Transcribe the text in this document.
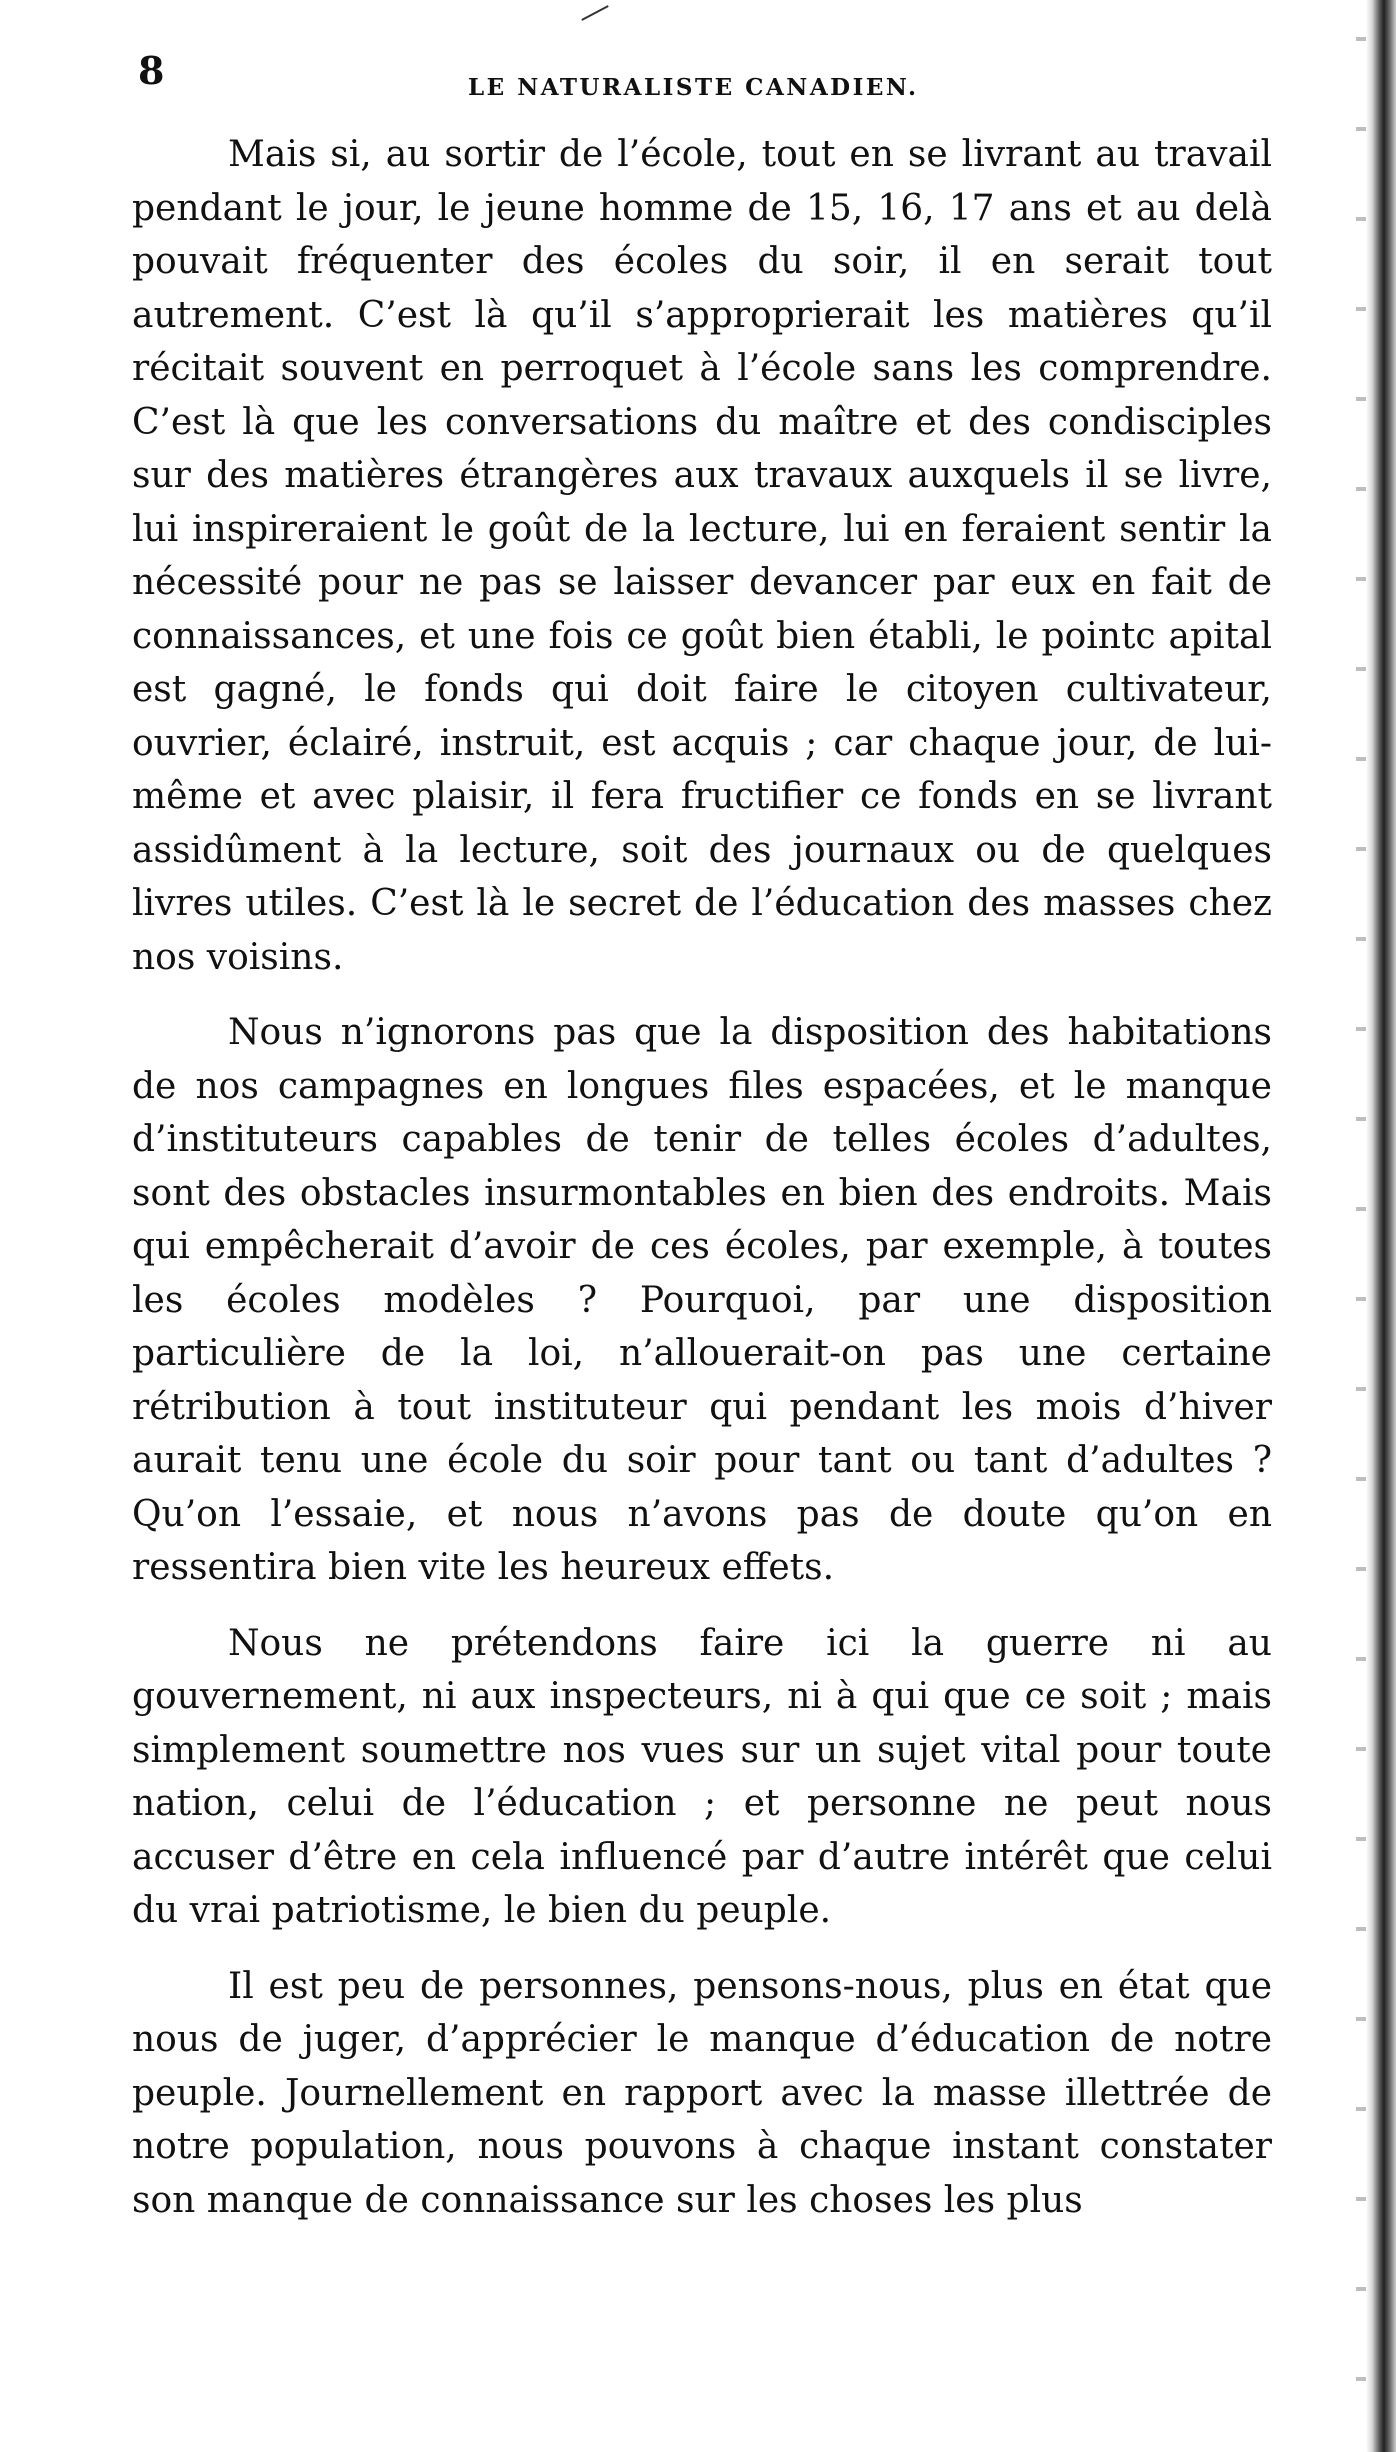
8	LE NATURALISTE CANADIEN.

Mais si, au sortir de l’école, tout en se livrant au travail pendant le jour, le jeune homme de 15, 16, 17 ans et au delà pouvait fréquenter des écoles du soir, il en serait tout autrement. C’est là qu’il s’approprierait les matières qu’il récitait souvent en perroquet à l’école sans les comprendre. C’est là que les conversations du maître et des condisciples sur des matières étrangères aux travaux auxquels il se livre, lui inspireraient le goût de la lecture, lui en feraient sentir la nécessité pour ne pas se laisser devancer par eux en fait de connaissances, et une fois ce goût bien établi, le pointc apital est gagné, le fonds qui doit faire le citoyen cultivateur, ouvrier, éclairé, instruit, est acquis ; car chaque jour, de lui-même et avec plaisir, il fera fructifier ce fonds en se livrant assidûment à la lecture, soit des journaux ou de quelques livres utiles. C’est là le secret de l’éducation des masses chez nos voisins.

Nous n’ignorons pas que la disposition des habitations de nos campagnes en longues files espacées, et le manque d’instituteurs capables de tenir de telles écoles d’adultes, sont des obstacles insurmontables en bien des endroits. Mais qui empêcherait d’avoir de ces écoles, par exemple, à toutes les écoles modèles ? Pourquoi, par une disposition particulière de la loi, n’allouerait-on pas une certaine rétribution à tout instituteur qui pendant les mois d’hiver aurait tenu une école du soir pour tant ou tant d’adultes ? Qu’on l’essaie, et nous n’avons pas de doute qu’on en ressentira bien vite les heureux effets.

Nous ne prétendons faire ici la guerre ni au gouvernement, ni aux inspecteurs, ni à qui que ce soit ; mais simplement soumettre nos vues sur un sujet vital pour toute nation, celui de l’éducation ; et personne ne peut nous accuser d’être en cela influencé par d’autre intérêt que celui du vrai patriotisme, le bien du peuple.

Il est peu de personnes, pensons-nous, plus en état que nous de juger, d’apprécier le manque d’éducation de notre peuple. Journellement en rapport avec la masse illettrée de notre population, nous pouvons à chaque instant constater son manque de connaissance sur les choses les plus
